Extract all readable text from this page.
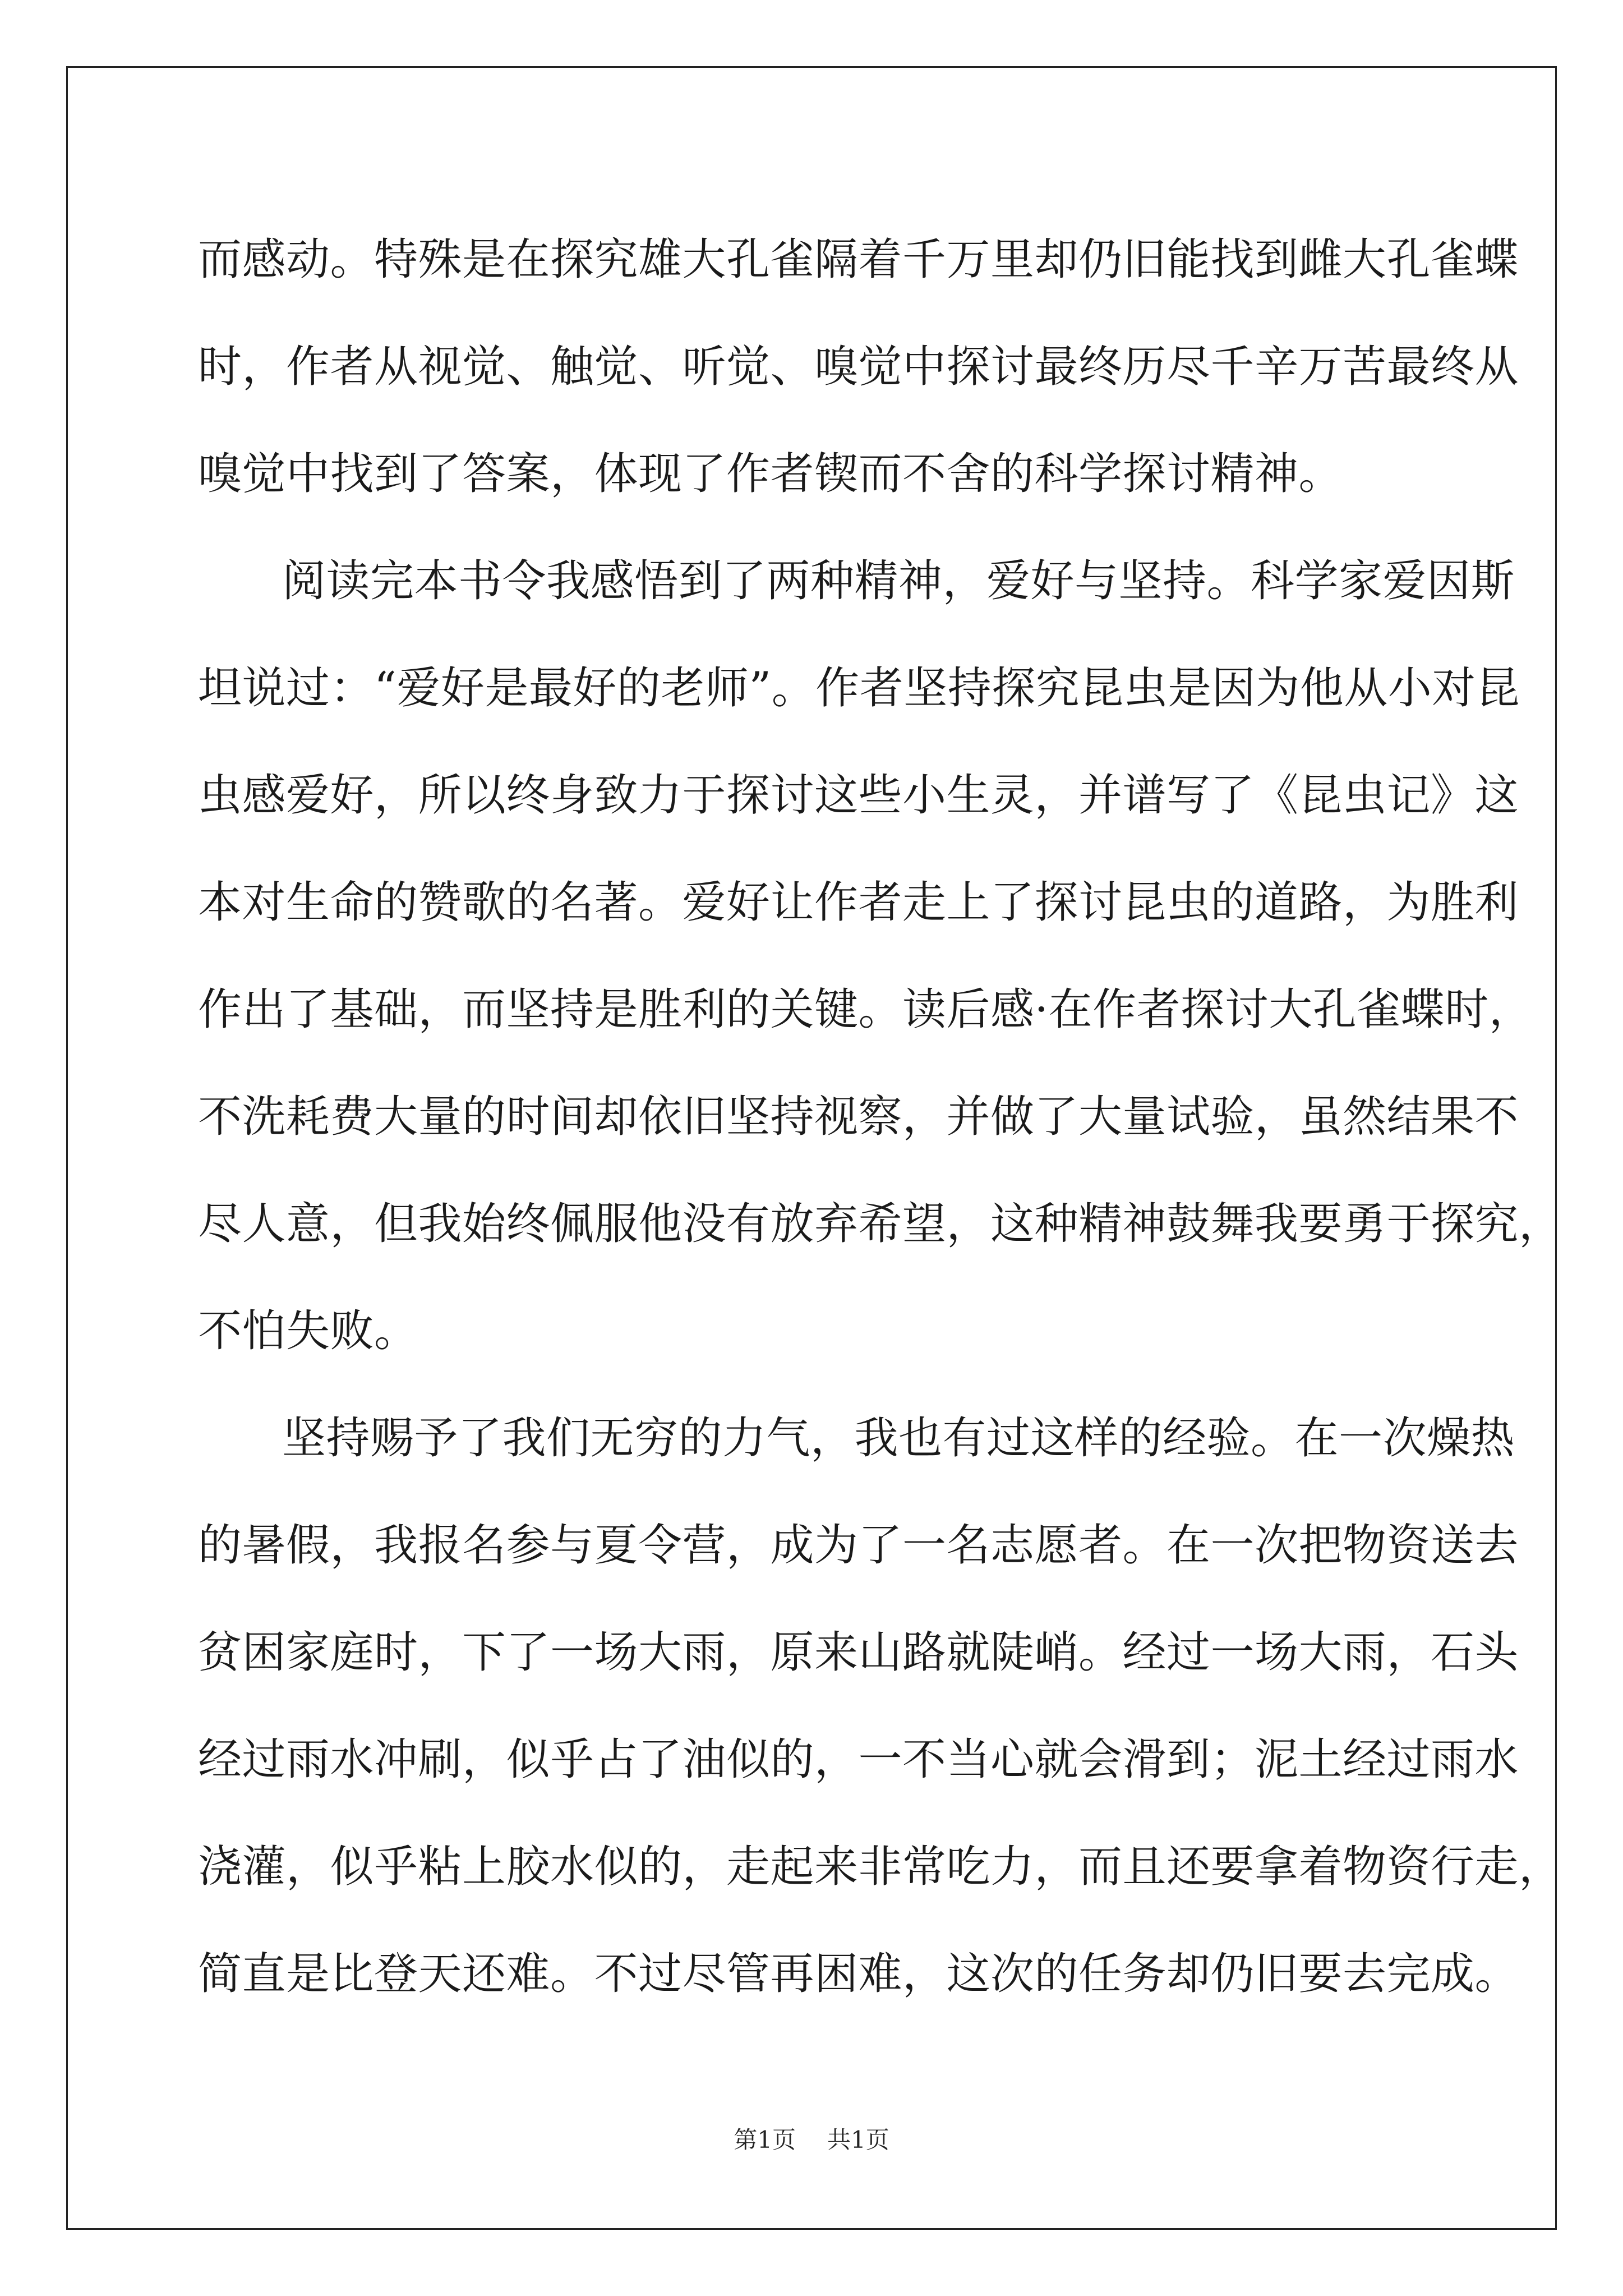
而感动。特殊是在探究雄大孔雀隔着千万里却仍旧能找到雌大孔雀蝶
时，作者从视觉、触觉、听觉、嗅觉中探讨最终历尽千辛万苦最终从
嗅觉中找到了答案，体现了作者锲而不舍的科学探讨精神。
阅读完本书令我感悟到了两种精神，爱好与坚持。科学家爱因斯
坦说过：“爱好是最好的老师”。作者坚持探究昆虫是因为他从小对昆
虫感爱好，所以终身致力于探讨这些小生灵，并谱写了《昆虫记》这
本对生命的赞歌的名著。爱好让作者走上了探讨昆虫的道路，为胜利
作出了基础，而坚持是胜利的关键。读后感·在作者探讨大孔雀蝶时，
不洗耗费大量的时间却依旧坚持视察，并做了大量试验，虽然结果不
尽人意，但我始终佩服他没有放弃希望，这种精神鼓舞我要勇于探究，
不怕失败。
坚持赐予了我们无穷的力气，我也有过这样的经验。在一次燥热
的暑假，我报名参与夏令营，成为了一名志愿者。在一次把物资送去
贫困家庭时，下了一场大雨，原来山路就陡峭。经过一场大雨，石头
经过雨水冲刷，似乎占了油似的，一不当心就会滑到；泥土经过雨水
浇灌，似乎粘上胶水似的，走起来非常吃力，而且还要拿着物资行走，
简直是比登天还难。不过尽管再困难，这次的任务却仍旧要去完成。
第1页 共1页
